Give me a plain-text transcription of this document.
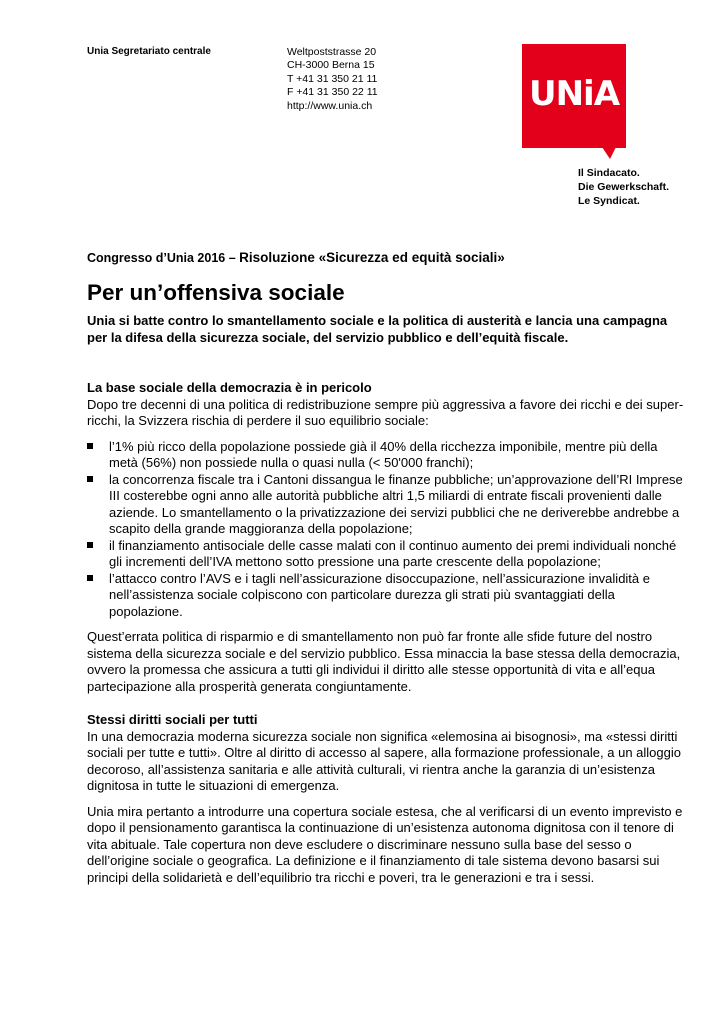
Unia Segretariato centrale	Weltpoststrasse 20
CH-3000 Berna 15
T +41 31 350 21 11
F +41 31 350 22 11
http://www.unia.ch	UNiA
Il Sindacato.
Die Gewerkschaft.
Le Syndicat.
Congresso d’Unia 2016 – Risoluzione «Sicurezza ed equità sociali»
Per un’offensiva sociale
Unia si batte contro lo smantellamento sociale e la politica di austerità e lancia una campagna per la difesa della sicurezza sociale, del servizio pubblico e dell’equità fiscale.
La base sociale della democrazia è in pericolo

Dopo tre decenni di una politica di redistribuzione sempre più aggressiva a favore dei ricchi e dei super-ricchi, la Svizzera rischia di perdere il suo equilibrio sociale:

l’1% più ricco della popolazione possiede già il 40% della ricchezza imponibile, mentre più della metà (56%) non possiede nulla o quasi nulla (< 50'000 franchi);
la concorrenza fiscale tra i Cantoni dissangua le finanze pubbliche; un’approvazione dell’RI Imprese III costerebbe ogni anno alle autorità pubbliche altri 1,5 miliardi di entrate fiscali provenienti dalle aziende. Lo smantellamento o la privatizzazione dei servizi pubblici che ne deriverebbe andrebbe a scapito della grande maggioranza della popolazione;
il finanziamento antisociale delle casse malati con il continuo aumento dei premi individuali nonché gli incrementi dell’IVA mettono sotto pressione una parte crescente della popolazione;
l’attacco contro l’AVS e i tagli nell’assicurazione disoccupazione, nell’assicurazione invalidità e nell’assistenza sociale colpiscono con particolare durezza gli strati più svantaggiati della popolazione.

Quest’errata politica di risparmio e di smantellamento non può far fronte alle sfide future del nostro sistema della sicurezza sociale e del servizio pubblico. Essa minaccia la base stessa della democrazia, ovvero la promessa che assicura a tutti gli individui il diritto alle stesse opportunità di vita e all’equa partecipazione alla prosperità generata congiuntamente.

Stessi diritti sociali per tutti

In una democrazia moderna sicurezza sociale non significa «elemosina ai bisognosi», ma «stessi diritti sociali per tutte e tutti». Oltre al diritto di accesso al sapere, alla formazione professionale, a un alloggio decoroso, all’assistenza sanitaria e alle attività culturali, vi rientra anche la garanzia di un’esistenza dignitosa in tutte le situazioni di emergenza.

Unia mira pertanto a introdurre una copertura sociale estesa, che al verificarsi di un evento imprevisto e dopo il pensionamento garantisca la continuazione di un’esistenza autonoma dignitosa con il tenore di vita abituale. Tale copertura non deve escludere o discriminare nessuno sulla base del sesso o dell’origine sociale o geografica. La definizione e il finanziamento di tale sistema devono basarsi sui principi della solidarietà e dell’equilibrio tra ricchi e poveri, tra le generazioni e tra i sessi.
